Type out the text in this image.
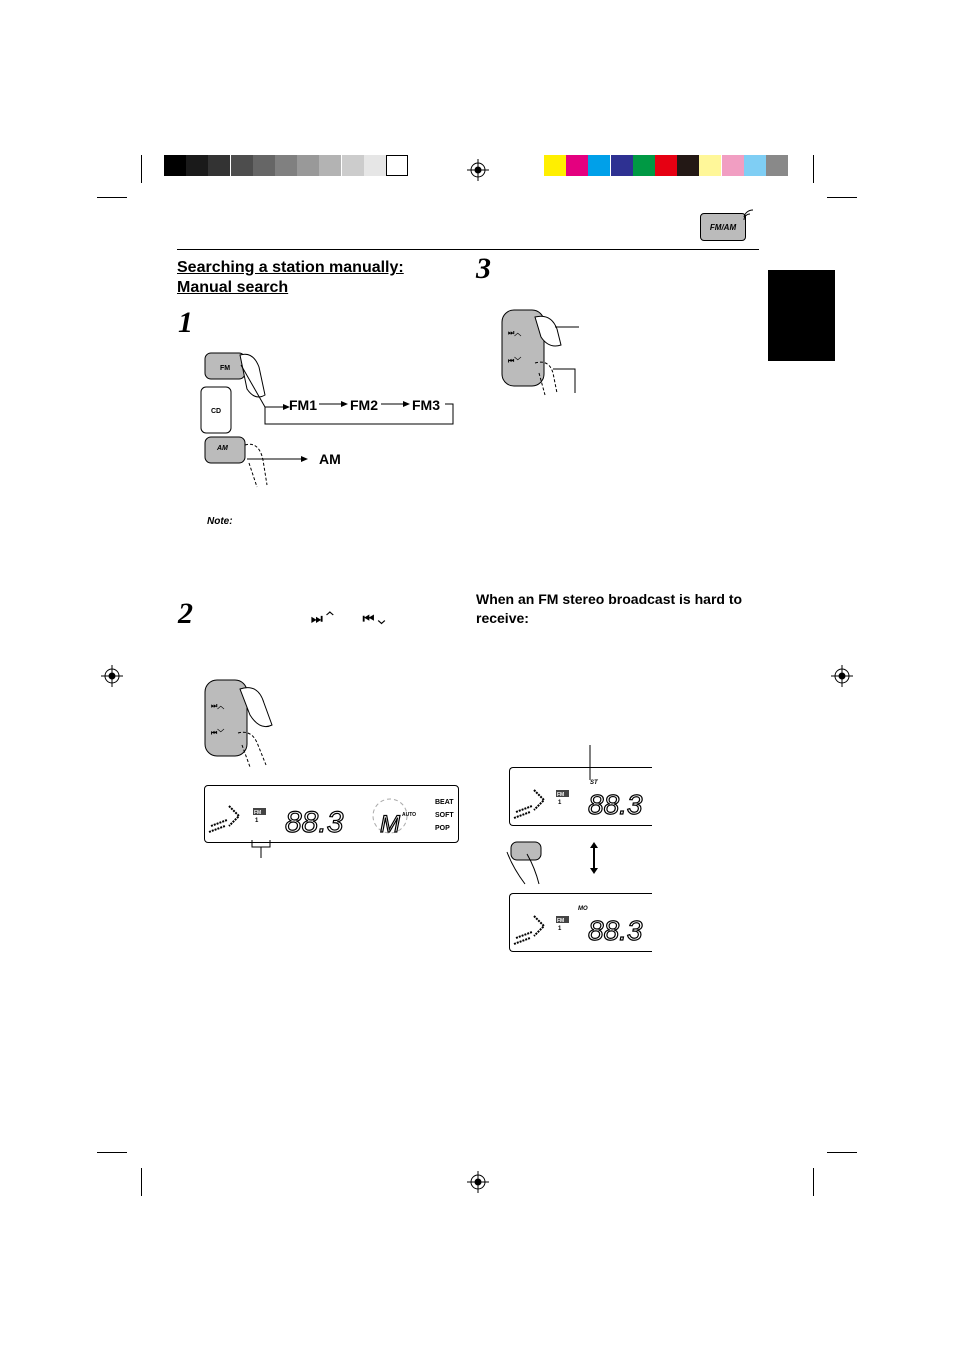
FM/AM
Searching a station manually:
Manual search
1
2
3
FM
CD
AM
FM1 FM2 FM3
AM
Note:
⏭ ⌃ ⏮ ⌄
⏭︿
⏮﹀
⏭︿
⏮﹀
FM
1 88.3 M AUTO
BEAT
SOFT
POP
When an FM stereo broadcast is hard to receive:
ST
FM
1 88.3
MO
FM
1 88.3
